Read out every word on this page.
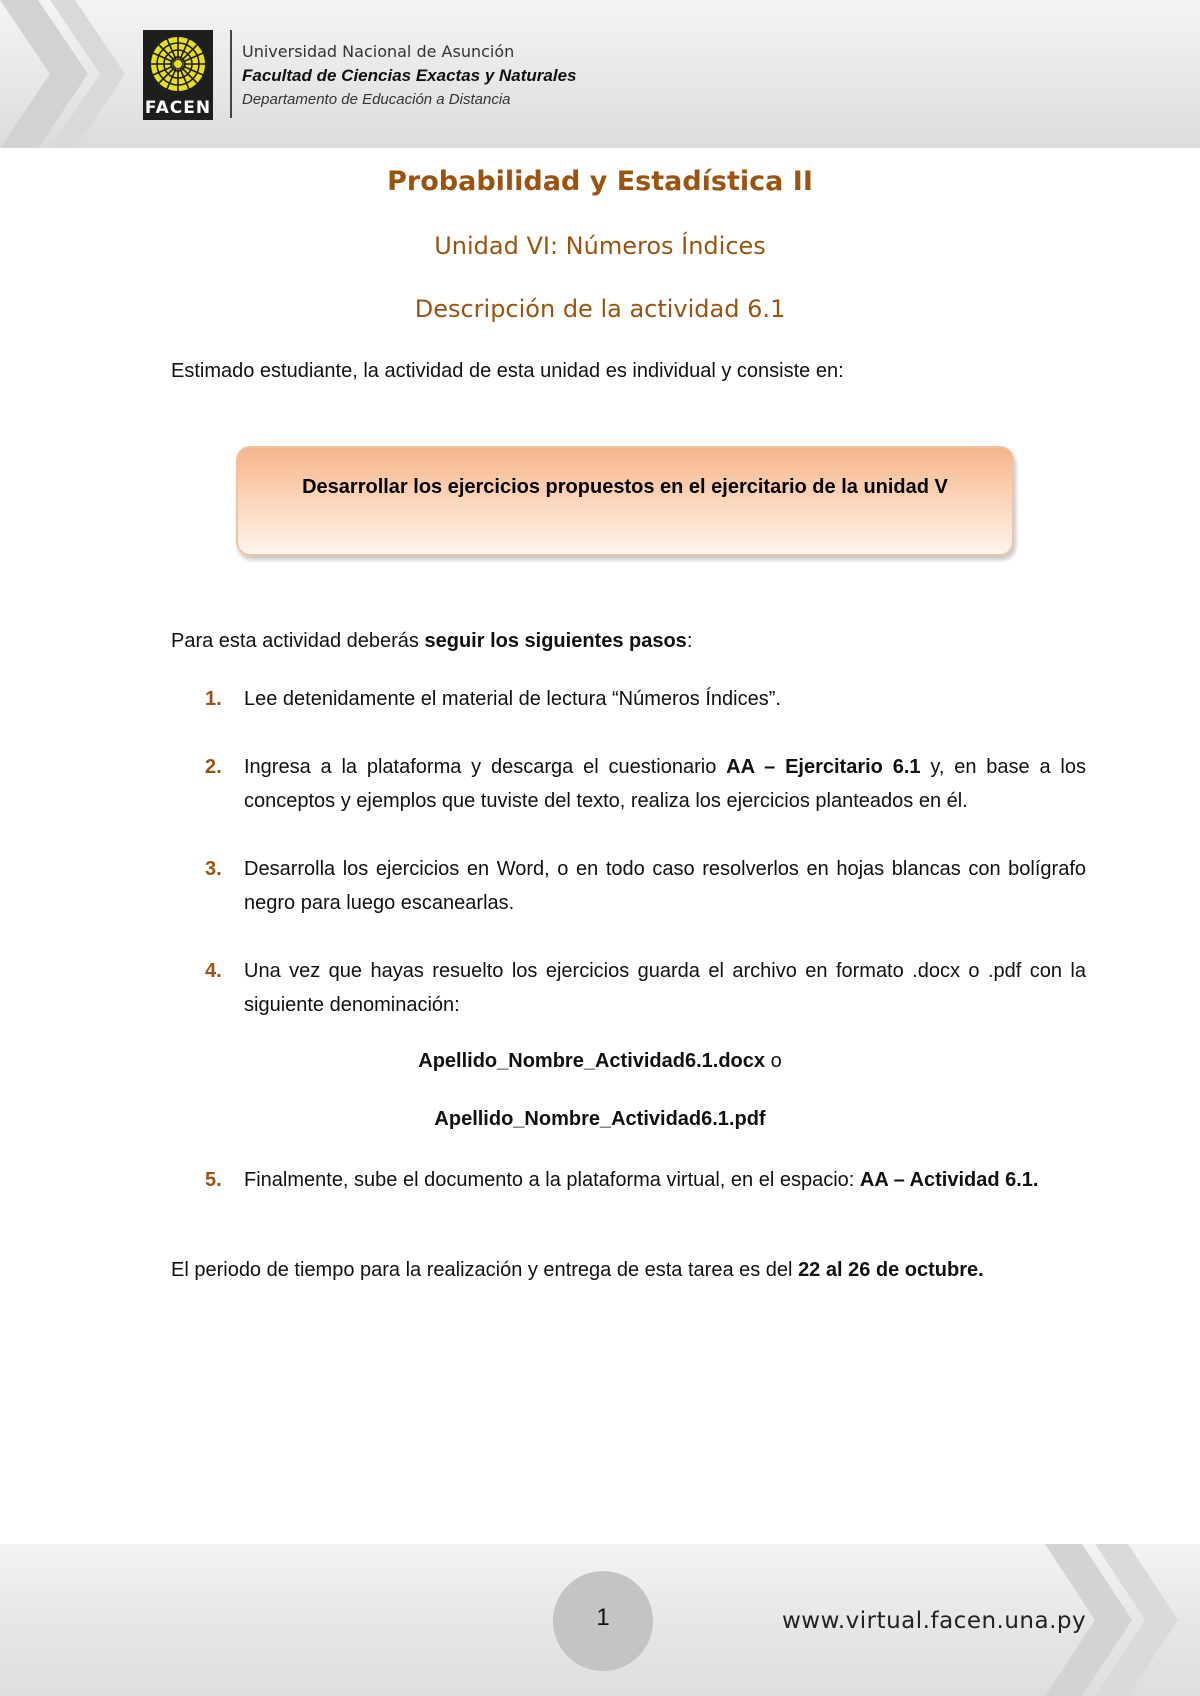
FACEN
Universidad Nacional de Asunción
Facultad de Ciencias Exactas y Naturales
Departamento de Educación a Distancia
Probabilidad y Estadística II
Unidad VI: Números Índices
Descripción de la actividad 6.1
Estimado estudiante, la actividad de esta unidad es individual y consiste en:
Desarrollar los ejercicios propuestos en el ejercitario de la unidad V
Para esta actividad deberás seguir los siguientes pasos:
1. Lee detenidamente el material de lectura “Números Índices”.
2. Ingresa a la plataforma y descarga el cuestionario AA – Ejercitario 6.1 y, en base a los conceptos y ejemplos que tuviste del texto, realiza los ejercicios planteados en él.
3. Desarrolla los ejercicios en Word, o en todo caso resolverlos en hojas blancas con bolígrafo negro para luego escanearlas.
4. Una vez que hayas resuelto los ejercicios guarda el archivo en formato .docx o .pdf con la siguiente denominación:
Apellido_Nombre_Actividad6.1.docx o
Apellido_Nombre_Actividad6.1.pdf
5. Finalmente, sube el documento a la plataforma virtual, en el espacio: AA – Actividad 6.1.
El periodo de tiempo para la realización y entrega de esta tarea es del 22 al 26 de octubre.
1	www.virtual.facen.una.py
